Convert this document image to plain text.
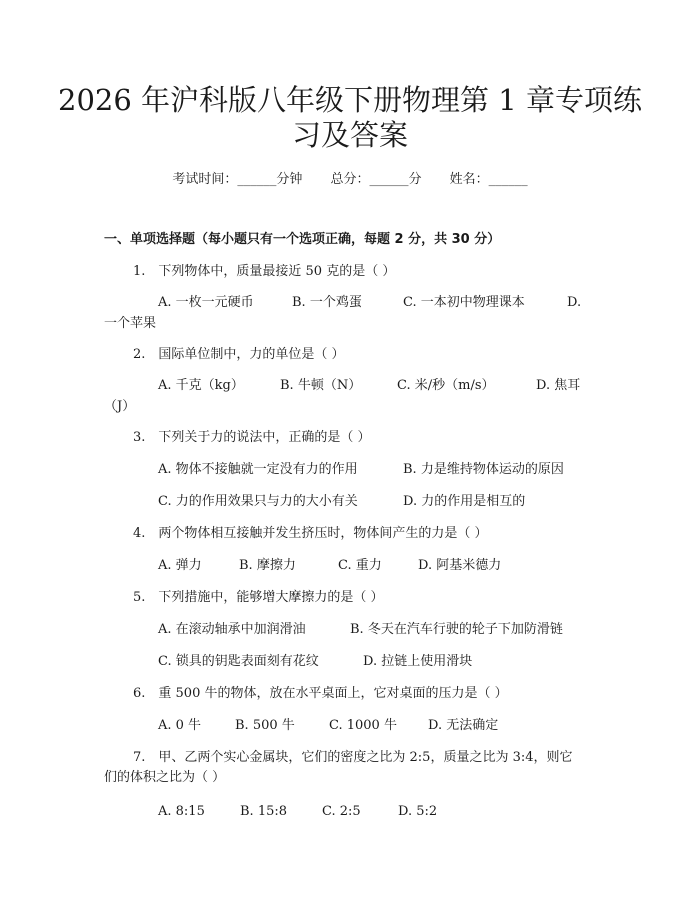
2026 年沪科版八年级下册物理第 1 章专项练
习及答案
考试时间：______分钟 总分：______分 姓名：______
一、单项选择题（每小题只有一个选项正确，每题 2 分，共 30 分）
1.　下列物体中，质量最接近 50 克的是（ ）
A. 一枚一元硬币	B. 一个鸡蛋	C. 一本初中物理课本	D.
一个苹果
2.　国际单位制中，力的单位是（ ）
A. 千克（kg）	B. 牛顿（N）	C. 米/秒（m/s）	D. 焦耳
（J）
3.　下列关于力的说法中，正确的是（ ）
A. 物体不接触就一定没有力的作用	B. 力是维持物体运动的原因
C. 力的作用效果只与力的大小有关	D. 力的作用是相互的
4.　两个物体相互接触并发生挤压时，物体间产生的力是（ ）
A. 弹力	B. 摩擦力	C. 重力	D. 阿基米德力
5.　下列措施中，能够增大摩擦力的是（ ）
A. 在滚动轴承中加润滑油	B. 冬天在汽车行驶的轮子下加防滑链
C. 锁具的钥匙表面刻有花纹	D. 拉链上使用滑块
6.　重 500 牛的物体，放在水平桌面上，它对桌面的压力是（ ）
A. 0 牛	B. 500 牛	C. 1000 牛 D. 无法确定
7.　甲、乙两个实心金属块，它们的密度之比为 2:5，质量之比为 3:4，则它
们的体积之比为（ ）
A. 8:15	B. 15:8	C. 2:5	D. 5:2
